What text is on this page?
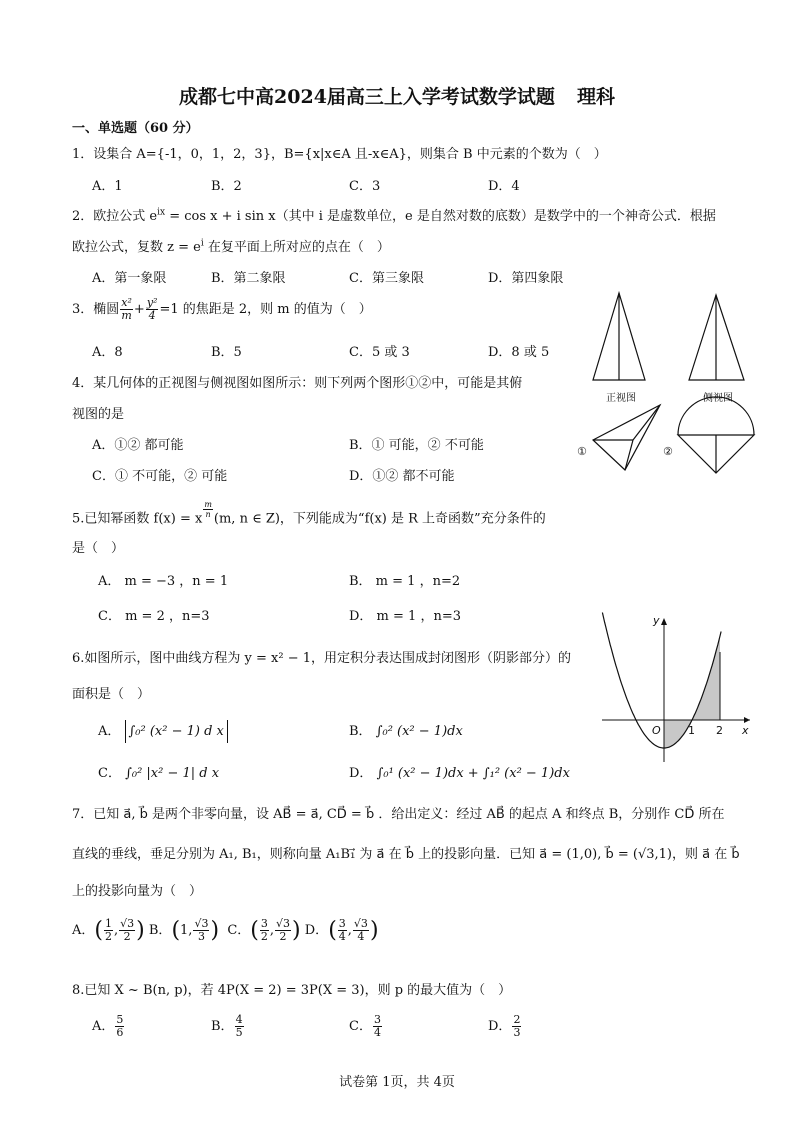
成都七中高2024届高三上入学考试数学试题 理科
一、单选题（60 分）
1．设集合 A={-1，0，1，2，3}，B={x|x∈A 且-x∈A}，则集合 B 中元素的个数为（　）
A．1	B．2	C．3	D．4
2．欧拉公式 $e^{ix} = \cos x + i$ sin x（其中 i 是虚数单位，e 是自然对数的底数）是数学中的一个神奇公式．根据
欧拉公式，复数 $z = e^i$ 在复平面上所对应的点在（　）
A．第一象限	B．第二象限	C．第三象限	D．第四象限
3．椭圆 $\frac{\text{x²}}{m} + \frac{\text{y²}}{4} =1$ 的焦距是 2，则 m 的值为（　）
A．8	B．5	C．5 或 3	D．8 或 5
4．某几何体的正视图与侧视图如图所示：则下列两个图形①②中，可能是其俯
视图的是
A．①② 都可能	B．① 可能，② 不可能
C．① 不可能，② 可能	D．①② 都不可能
正视图	侧视图
①	②
5.已知幂函数 f(x) = x $\frac{m}{n} (m$, n ∈ Z)，下列能成为“f(x) 是 R 上奇函数”充分条件的
是（　）
A． m = −3 ，n = 1	B． m = 1 ，n=2
C． m = 2 ，n=3	D． m = 1 ，n=3
6.如图所示，图中曲线方程为 y = x² − 1，用定积分表达围成封闭图形（阴影部分）的
面积是（　）
A． ∫₀² (x² − 1) d x	B． ∫₀² (x² − 1)dx
C． ∫₀² |x² − 1| d x	D． ∫₀¹ (x² − 1)dx + ∫₁² (x² − 1)dx
y
x
O 1 2
7．已知 a⃗, b⃗ 是两个非零向量，设 AB⃗ = a⃗, CD⃗ = b⃗ ．给出定义：经过 AB⃗ 的起点 A 和终点 B，分别作 CD⃗ 所在
直线的垂线，垂足分别为 A₁, B₁，则称向量 A₁B₁⃗ 为 a⃗ 在 b⃗ 上的投影向量．已知 a⃗ = (1,0), b⃗ = (√3,1)，则 a⃗ 在 b⃗
上的投影向量为（　）
A．( $\frac{1}{2}$ , $\frac{√3}{2}$ ) B．(1, $\frac{√3}{3}$ ) C．( $\frac{3}{2}$ , $\frac{√3}{2}$ ) D．( $\frac{3}{4}$ , $\frac{√3}{4}$ )
8.已知 X ~ B(n, p)，若 4P(X = 2) = 3P(X = 3)，则 p 的最大值为（　）
A． $\frac{5}{6}$	B． $\frac{4}{5}$	C． $\frac{3}{4}$	D． $\frac{2}{3}$
试卷第 1页，共 4页
